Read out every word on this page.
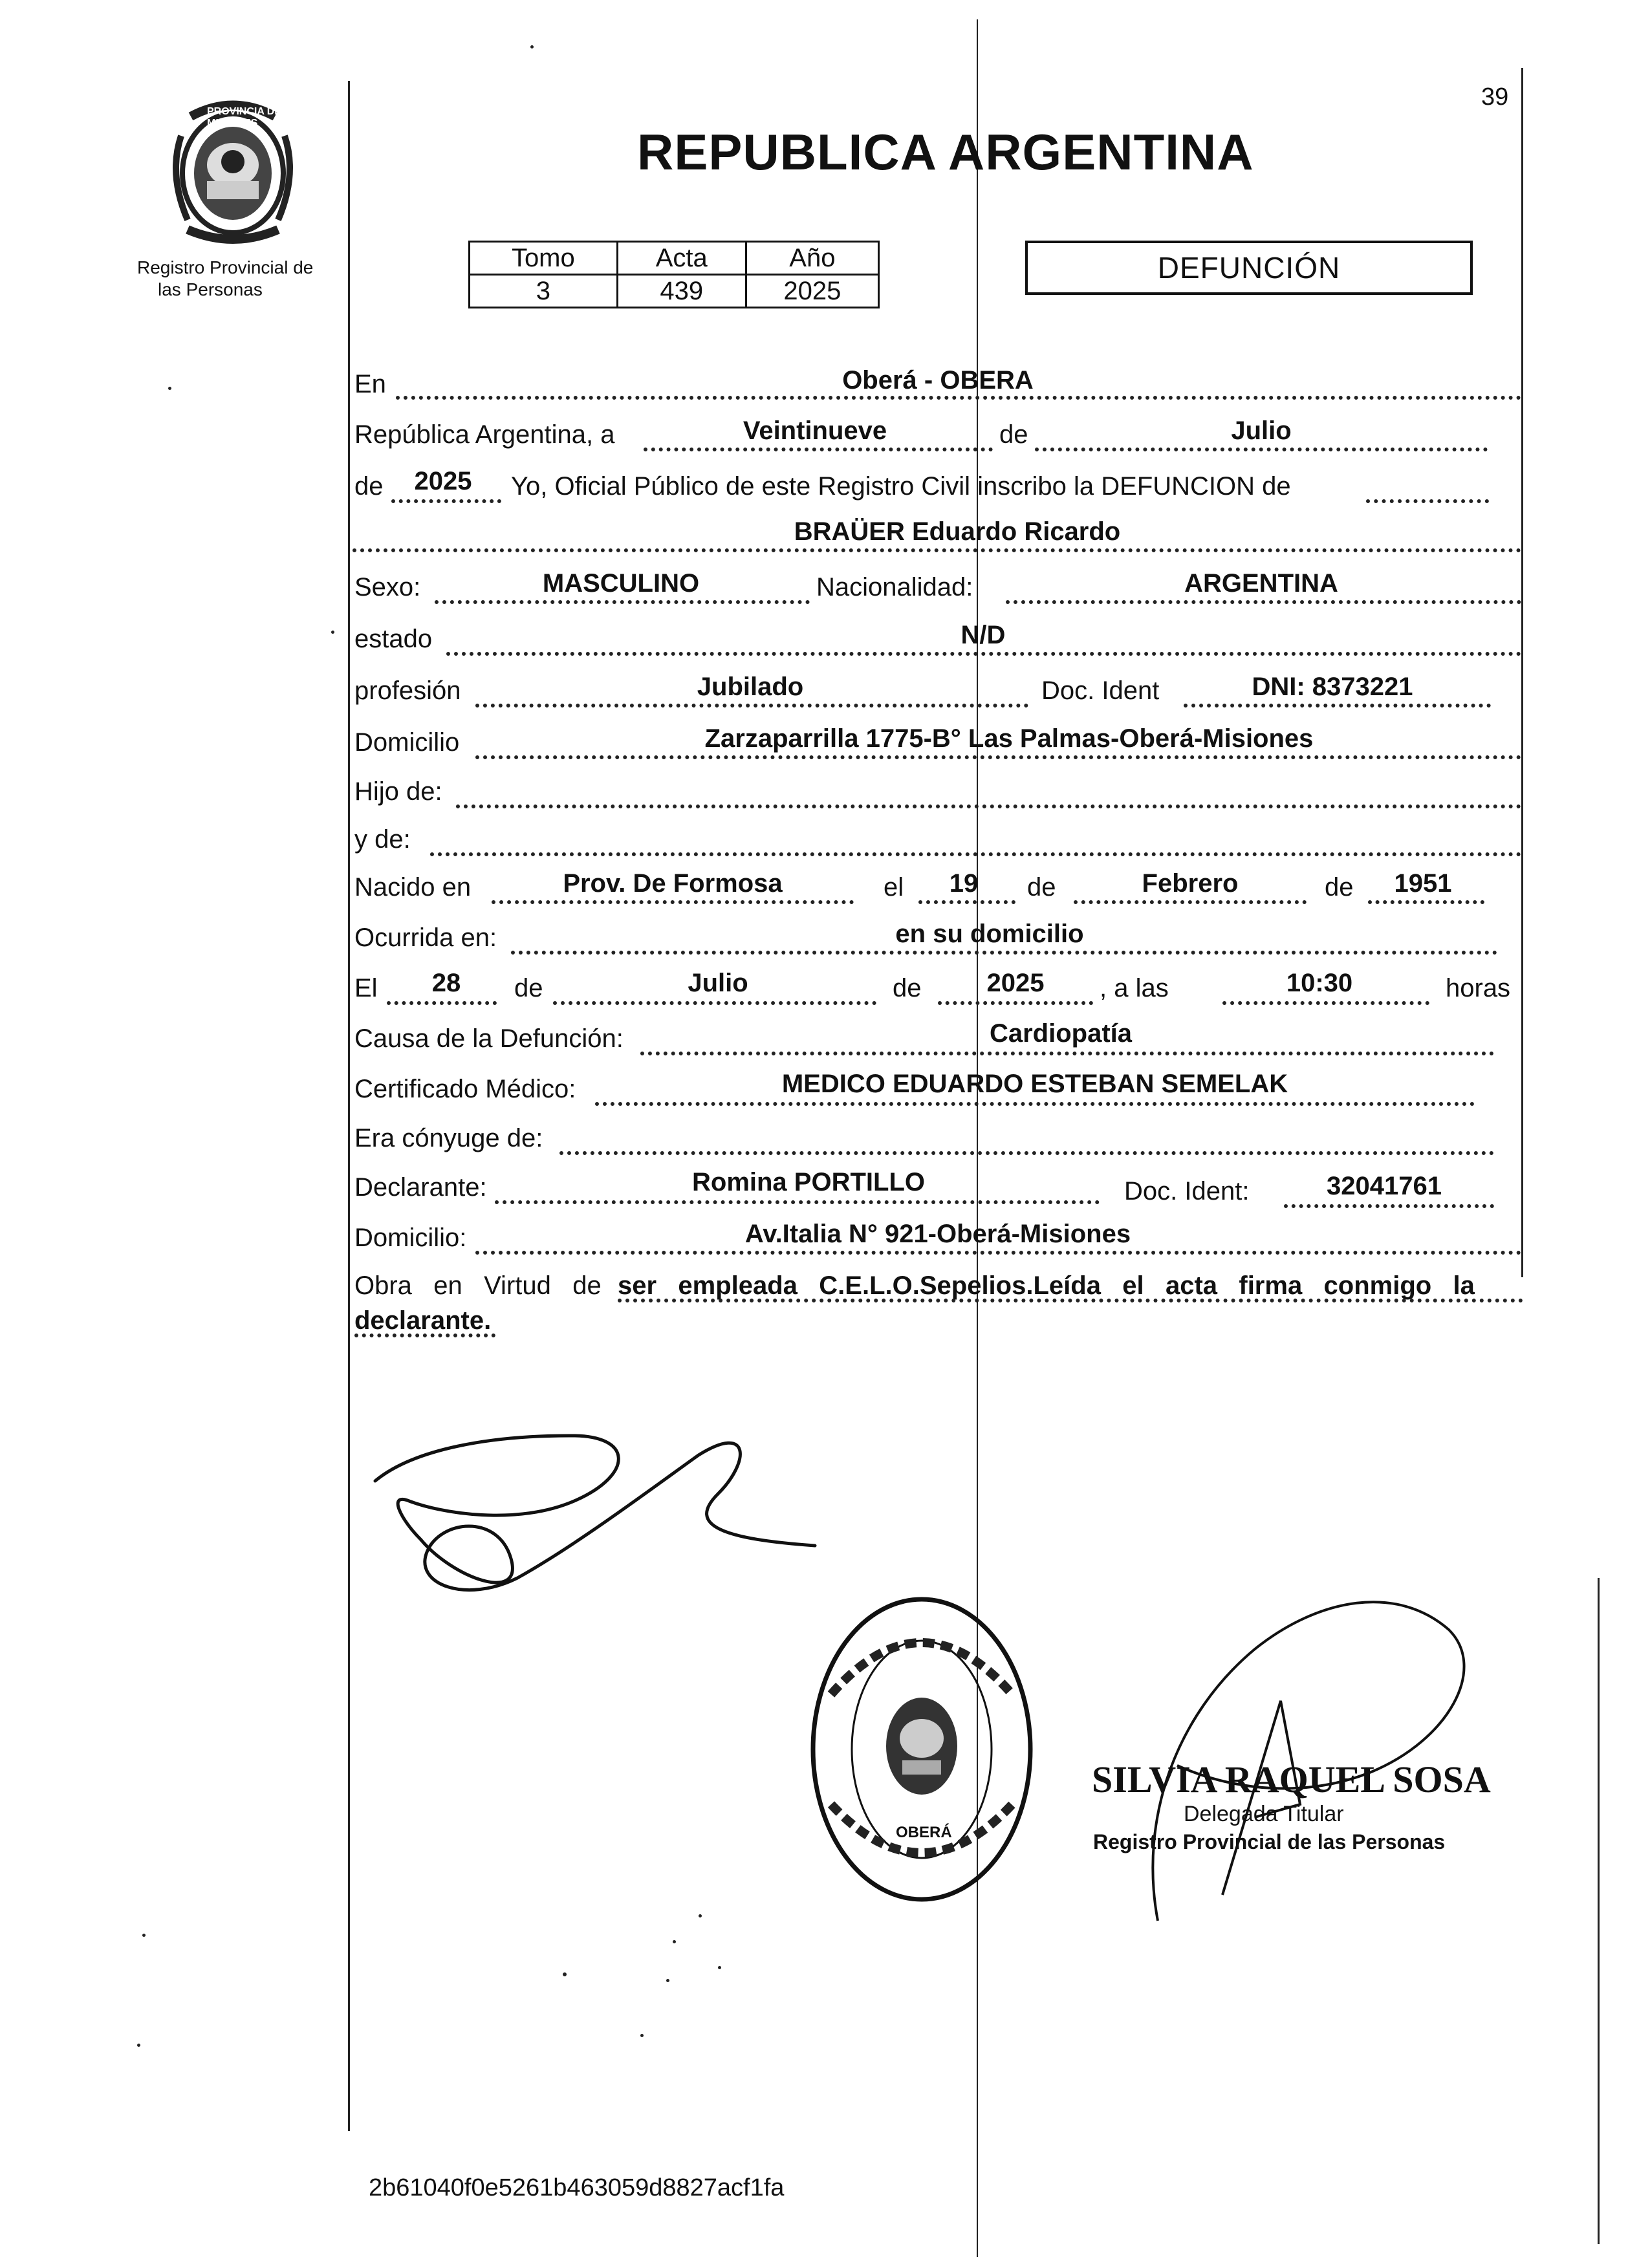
39
PROVINCIA DE MISIONES
Registro Provincial de
las Personas
REPUBLICA ARGENTINA
Tomo	Acta	Año
3	439	2025
DEFUNCIÓN
En	Oberá - OBERA
República Argentina, a	Veintinueve	de	Julio
de	2025	Yo, Oficial Público de este Registro Civil inscribo la DEFUNCION de
BRAÜER Eduardo Ricardo
Sexo:	MASCULINO	Nacionalidad:	ARGENTINA
estado	N/D
profesión	Jubilado	Doc. Ident	DNI: 8373221
Domicilio	Zarzaparrilla 1775-B° Las Palmas-Oberá-Misiones
Hijo de:
y de:
Nacido en	Prov. De Formosa	el	19	de	Febrero	de	1951
Ocurrida en:	en su domicilio
El	28	de	Julio	de	2025	, a las	10:30	horas
Causa de la Defunción:	Cardiopatía
Certificado Médico:	MEDICO EDUARDO ESTEBAN SEMELAK
Era cónyuge de:
Declarante:	Romina PORTILLO	Doc. Ident:	32041761
Domicilio:	Av.Italia N° 921-Oberá-Misiones
Obra   en   Virtud   de ser   empleada   C.E.L.O.Sepelios.Leída   el   acta   firma   conmigo   la
declarante.
OBERÁ
SILVIA RAQUEL SOSA
Delegada Titular
Registro Provincial de las Personas
2b61040f0e5261b463059d8827acf1fa
